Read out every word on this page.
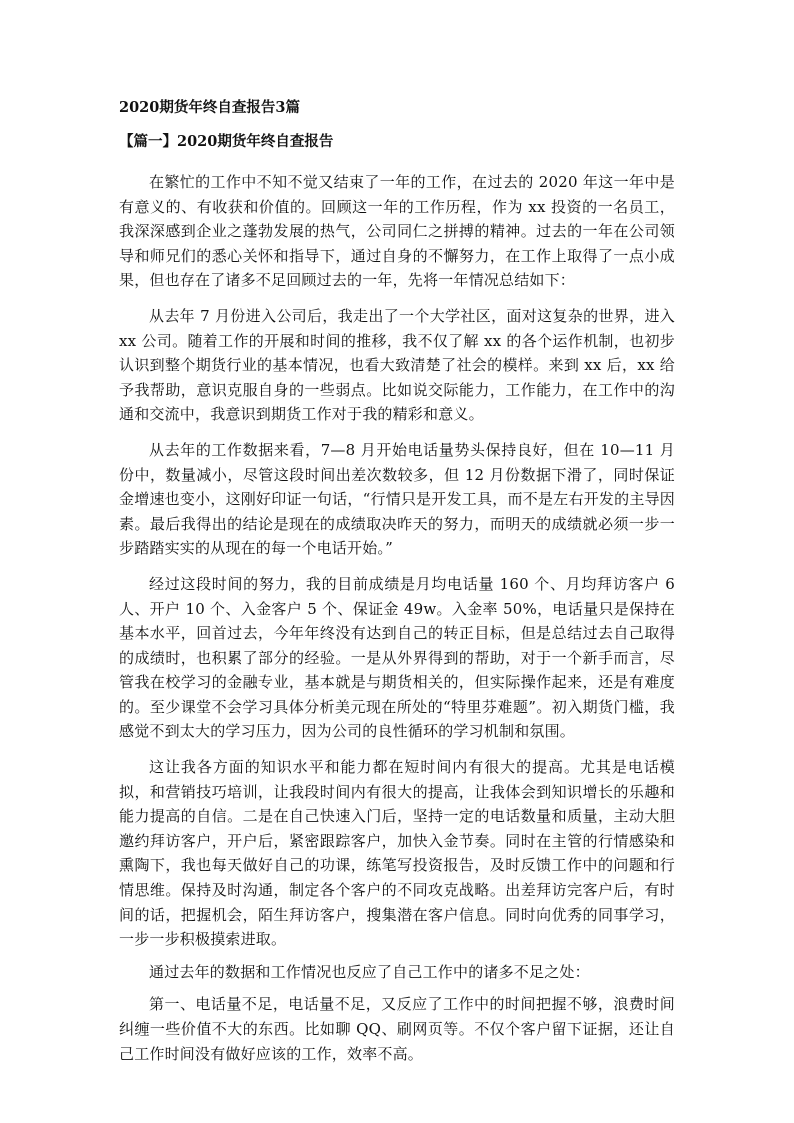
2020期货年终自查报告3篇
【篇一】2020期货年终自查报告

在繁忙的工作中不知不觉又结束了一年的工作，在过去的 2020 年这一年中是有意义的、有收获和价值的。回顾这一年的工作历程，作为 xx 投资的一名员工，我深深感到企业之蓬勃发展的热气，公司同仁之拼搏的精神。过去的一年在公司领导和师兄们的悉心关怀和指导下，通过自身的不懈努力，在工作上取得了一点小成果，但也存在了诸多不足回顾过去的一年，先将一年情况总结如下：

从去年 7 月份进入公司后，我走出了一个大学社区，面对这复杂的世界，进入 xx 公司。随着工作的开展和时间的推移，我不仅了解 xx 的各个运作机制，也初步认识到整个期货行业的基本情况，也看大致清楚了社会的模样。来到 xx 后，xx 给予我帮助，意识克服自身的一些弱点。比如说交际能力，工作能力，在工作中的沟通和交流中，我意识到期货工作对于我的精彩和意义。

从去年的工作数据来看，7—8 月开始电话量势头保持良好，但在 10—11 月份中，数量减小，尽管这段时间出差次数较多，但 12 月份数据下滑了，同时保证金增速也变小，这刚好印证一句话，“行情只是开发工具，而不是左右开发的主导因素。最后我得出的结论是现在的成绩取决昨天的努力，而明天的成绩就必须一步一步踏踏实实的从现在的每一个电话开始。”

经过这段时间的努力，我的目前成绩是月均电话量 160 个、月均拜访客户 6 人、开户 10 个、入金客户 5 个、保证金 49w。入金率 50%，电话量只是保持在基本水平，回首过去，今年年终没有达到自己的转正目标，但是总结过去自己取得的成绩时，也积累了部分的经验。一是从外界得到的帮助，对于一个新手而言，尽管我在校学习的金融专业，基本就是与期货相关的，但实际操作起来，还是有难度的。至少课堂不会学习具体分析美元现在所处的“特里芬难题”。初入期货门槛，我感觉不到太大的学习压力，因为公司的良性循环的学习机制和氛围。

这让我各方面的知识水平和能力都在短时间内有很大的提高。尤其是电话模拟，和营销技巧培训，让我段时间内有很大的提高，让我体会到知识增长的乐趣和能力提高的自信。二是在自己快速入门后，坚持一定的电话数量和质量，主动大胆邀约拜访客户，开户后，紧密跟踪客户，加快入金节奏。同时在主管的行情感染和熏陶下，我也每天做好自己的功课，练笔写投资报告，及时反馈工作中的问题和行情思维。保持及时沟通，制定各个客户的不同攻克战略。出差拜访完客户后，有时间的话，把握机会，陌生拜访客户，搜集潜在客户信息。同时向优秀的同事学习，一步一步积极摸索进取。

通过去年的数据和工作情况也反应了自己工作中的诸多不足之处：

第一、电话量不足，电话量不足，又反应了工作中的时间把握不够，浪费时间纠缠一些价值不大的东西。比如聊 QQ、刷网页等。不仅个客户留下证据，还让自己工作时间没有做好应该的工作，效率不高。
